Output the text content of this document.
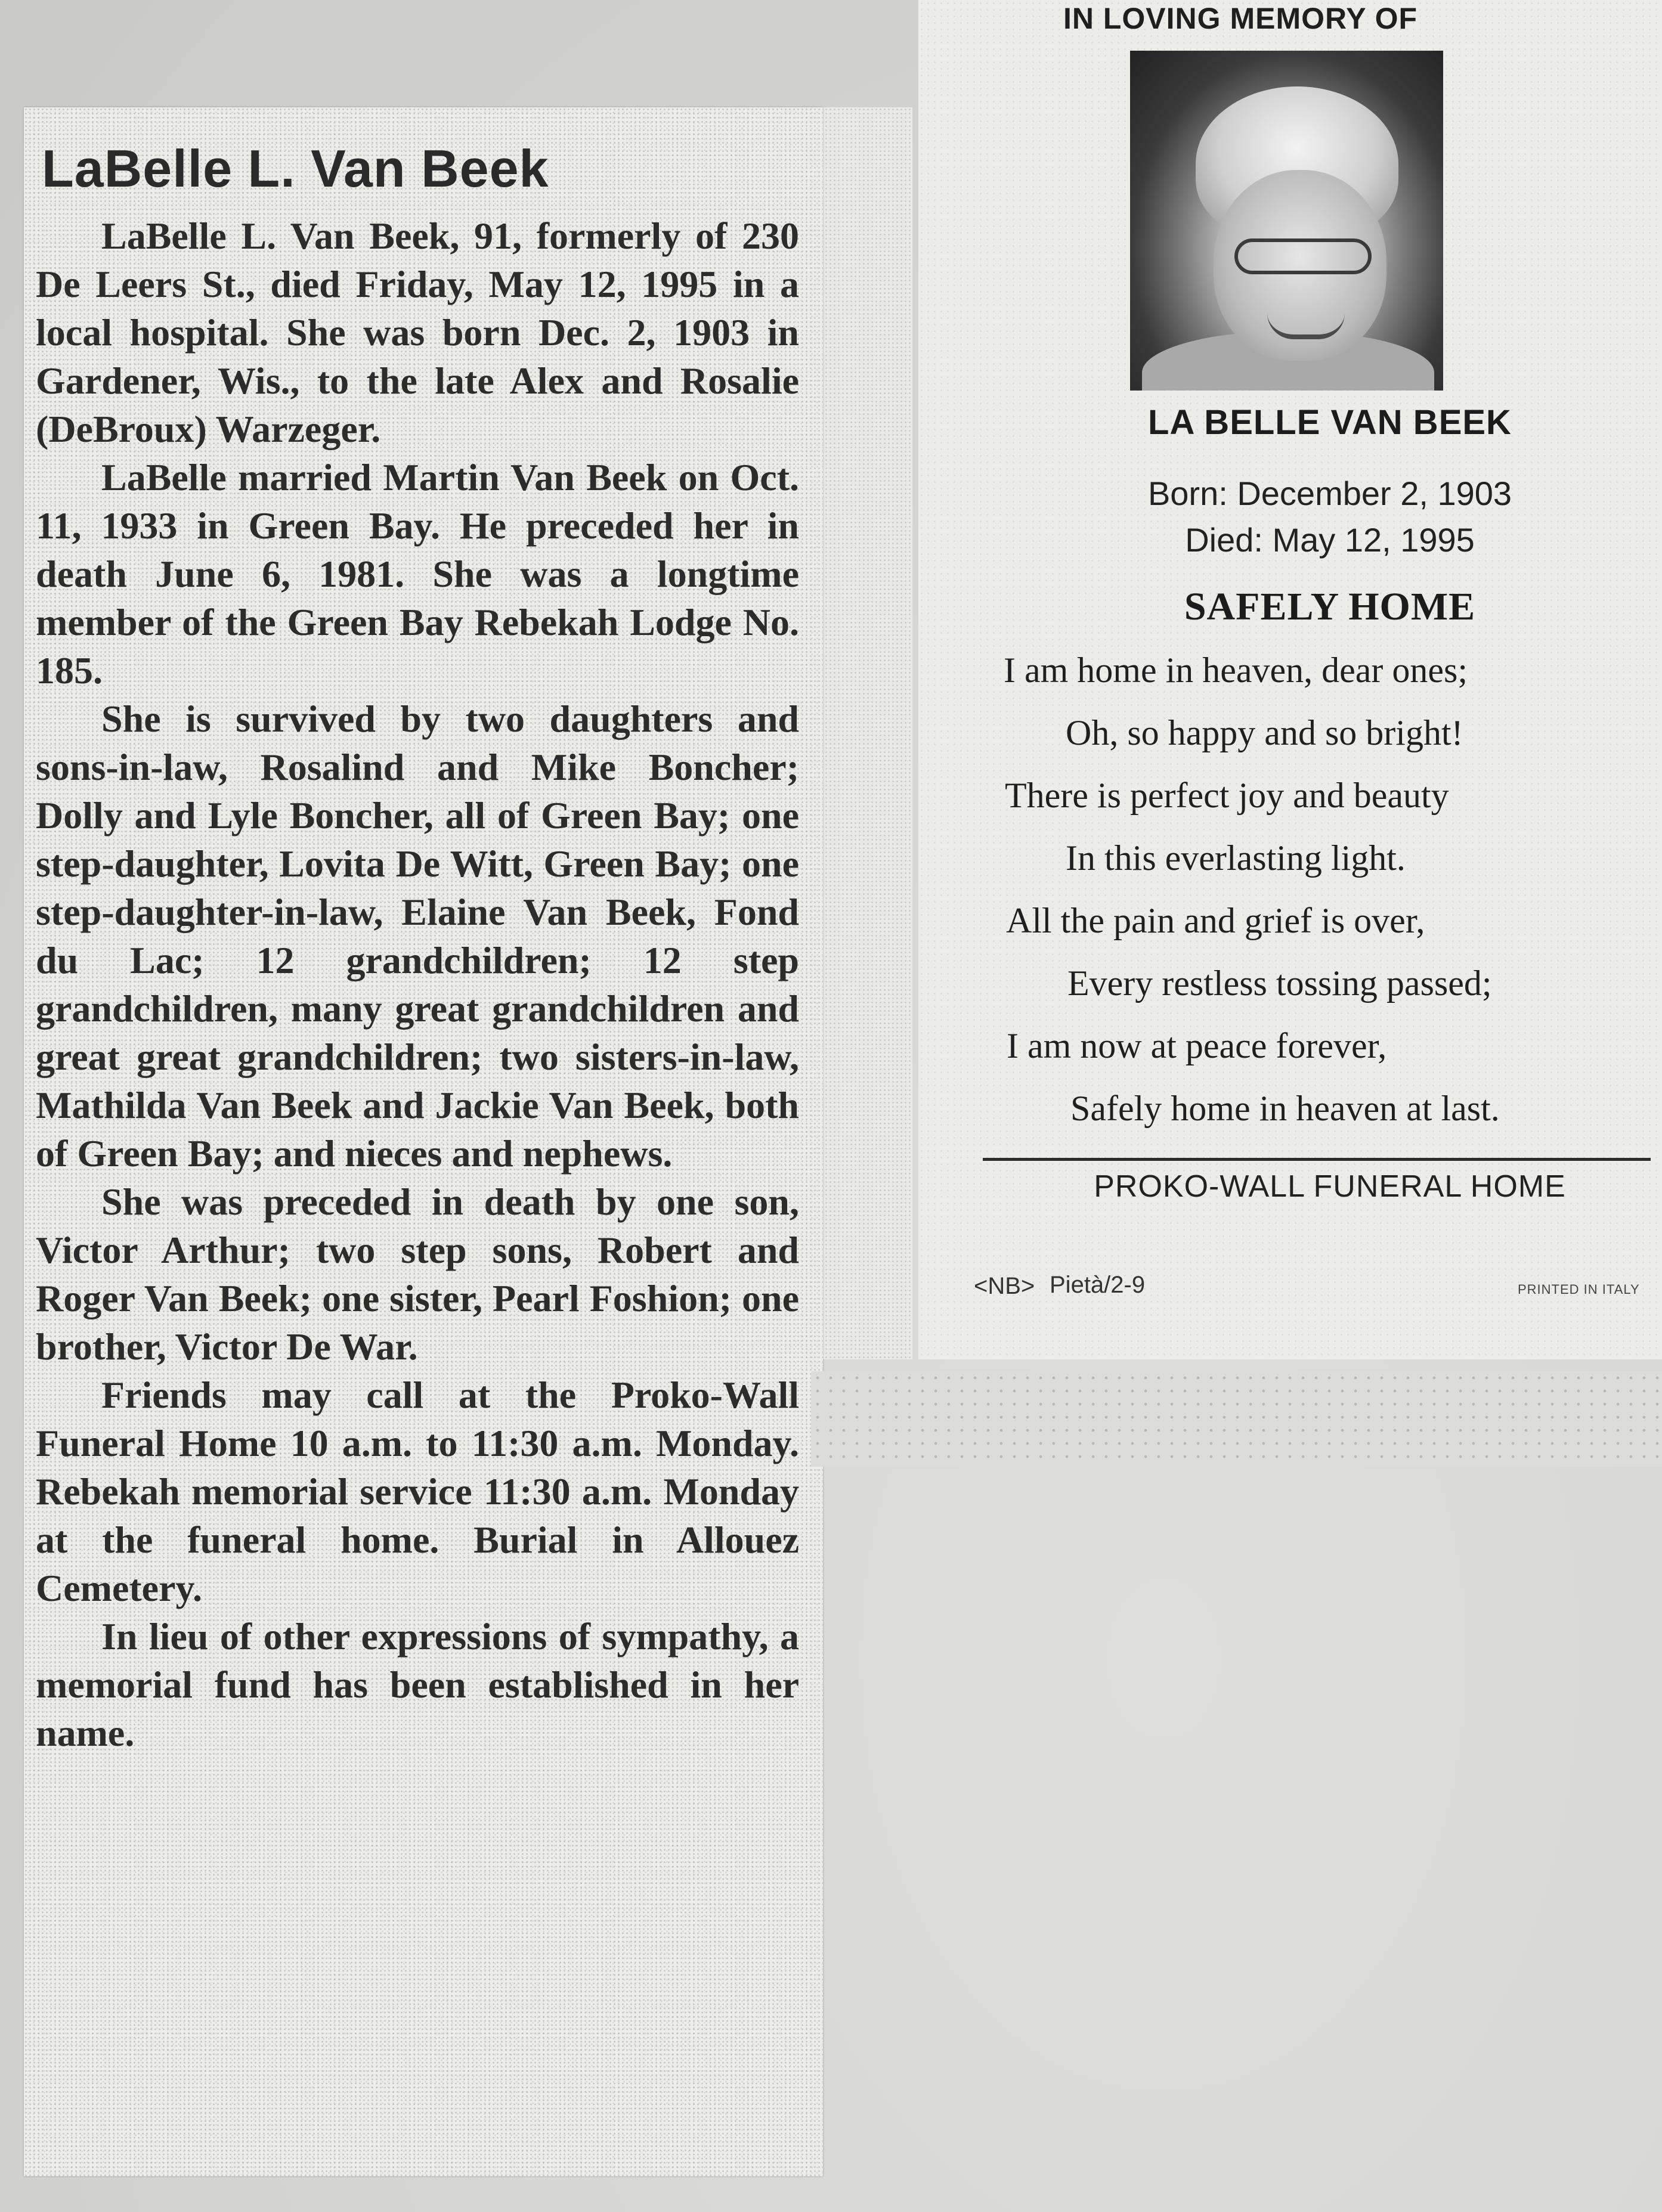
LaBelle L. Van Beek

LaBelle L. Van Beek, 91, formerly of 230 De Leers St., died Friday, May 12, 1995 in a local hospital. She was born Dec. 2, 1903 in Gardener, Wis., to the late Alex and Rosalie (DeBroux) Warzeger.

LaBelle married Martin Van Beek on Oct. 11, 1933 in Green Bay. He preceded her in death June 6, 1981. She was a longtime member of the Green Bay Rebekah Lodge No. 185.

She is survived by two daughters and sons-in-law, Rosalind and Mike Boncher; Dolly and Lyle Boncher, all of Green Bay; one step-daughter, Lovita De Witt, Green Bay; one step-daughter-in-law, Elaine Van Beek, Fond du Lac; 12 grandchildren; 12 step grandchildren, many great grandchildren and great great grandchildren; two sisters-in-law, Mathilda Van Beek and Jackie Van Beek, both of Green Bay; and nieces and nephews.

She was preceded in death by one son, Victor Arthur; two step sons, Robert and Roger Van Beek; one sister, Pearl Foshion; one brother, Victor De War.

Friends may call at the Proko-Wall Funeral Home 10 a.m. to 11:30 a.m. Monday. Rebekah memorial service 11:30 a.m. Monday at the funeral home. Burial in Allouez Cemetery.

In lieu of other expressions of sympathy, a memorial fund has been established in her name.

IN LOVING MEMORY OF
LA BELLE VAN BEEK
Born: December 2, 1903
Died: May 12, 1995
SAFELY HOME
I am home in heaven, dear ones;
Oh, so happy and so bright!
There is perfect joy and beauty
In this everlasting light.
All the pain and grief is over,
Every restless tossing passed;
I am now at peace forever,
Safely home in heaven at last.
PROKO-WALL FUNERAL HOME
<NB> Pietà/2-9	PRINTED IN ITALY
